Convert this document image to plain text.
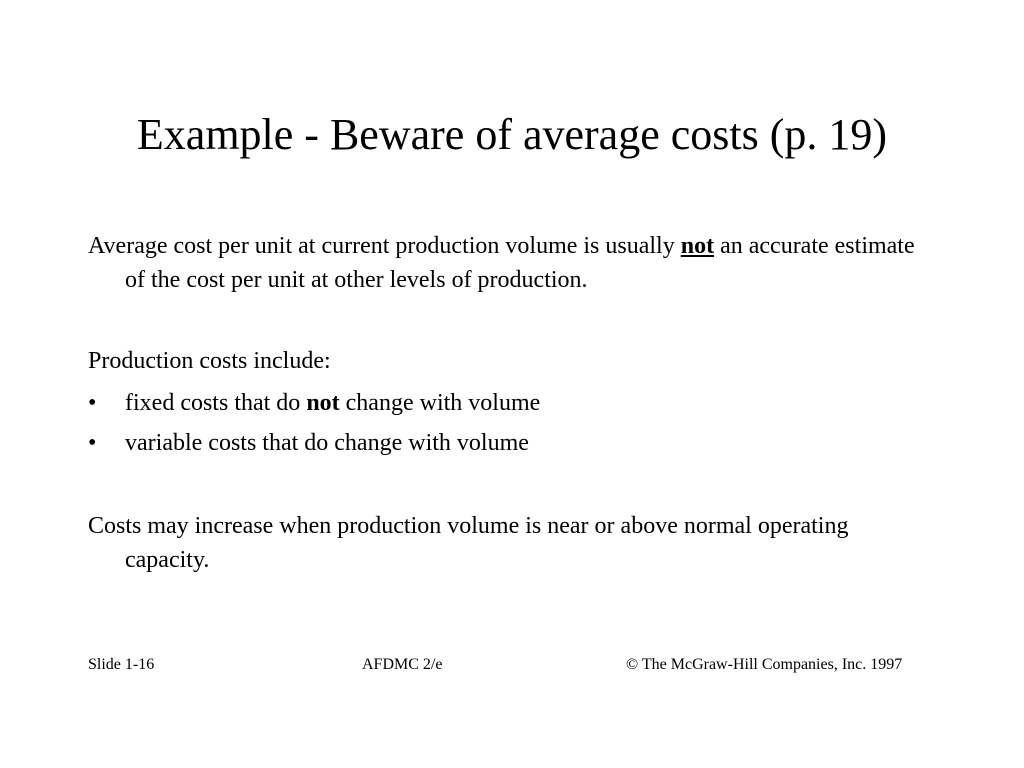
Example - Beware of average costs (p. 19)
Average cost per unit at current production volume is usually not an accurate estimate of the cost per unit at other levels of production.
Production costs include:
•	fixed costs that do not change with volume
•	variable costs that do change with volume
Costs may increase when production volume is near or above normal operating capacity.
Slide 1-16	AFDMC 2/e	© The McGraw-Hill Companies, Inc. 1997
